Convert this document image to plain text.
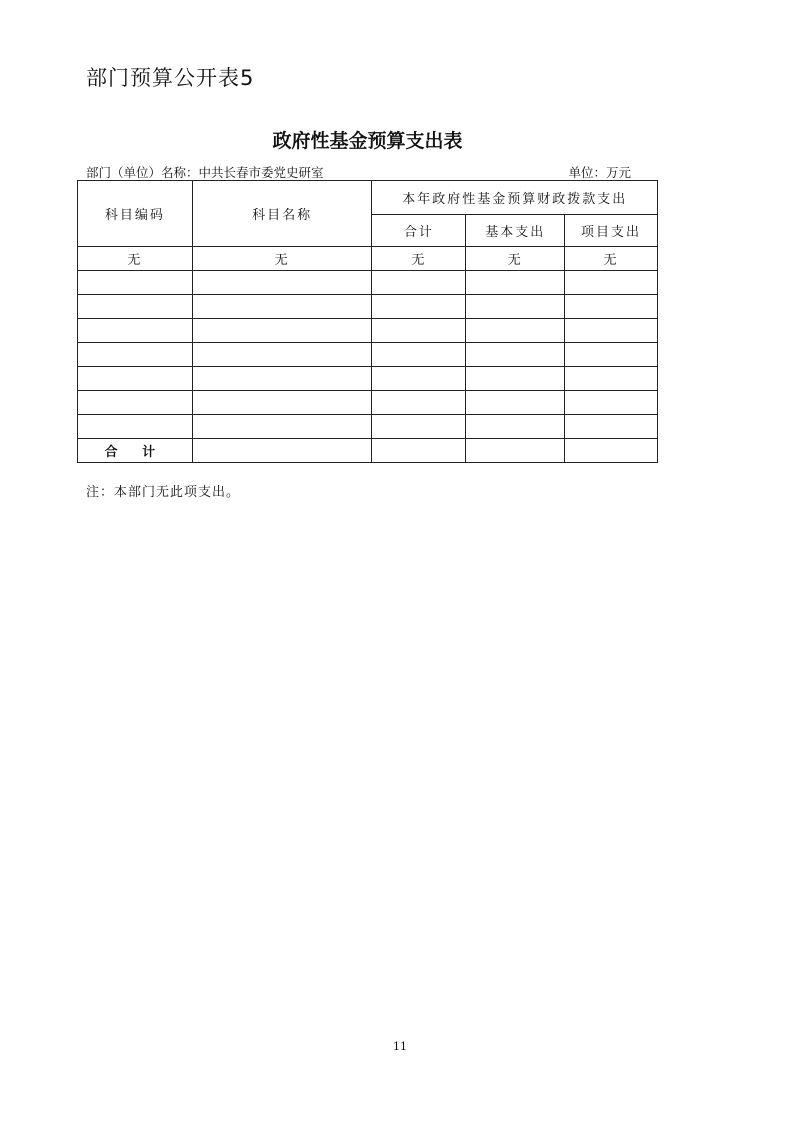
部门预算公开表5
政府性基金预算支出表
部门（单位）名称：中共长春市委党史研室	单位：万元
科目编码	科目名称	本年政府性基金预算财政拨款支出		
		合计	基本支出	项目支出
无	无	无	无	无

合 计				
注：本部门无此项支出。
11
